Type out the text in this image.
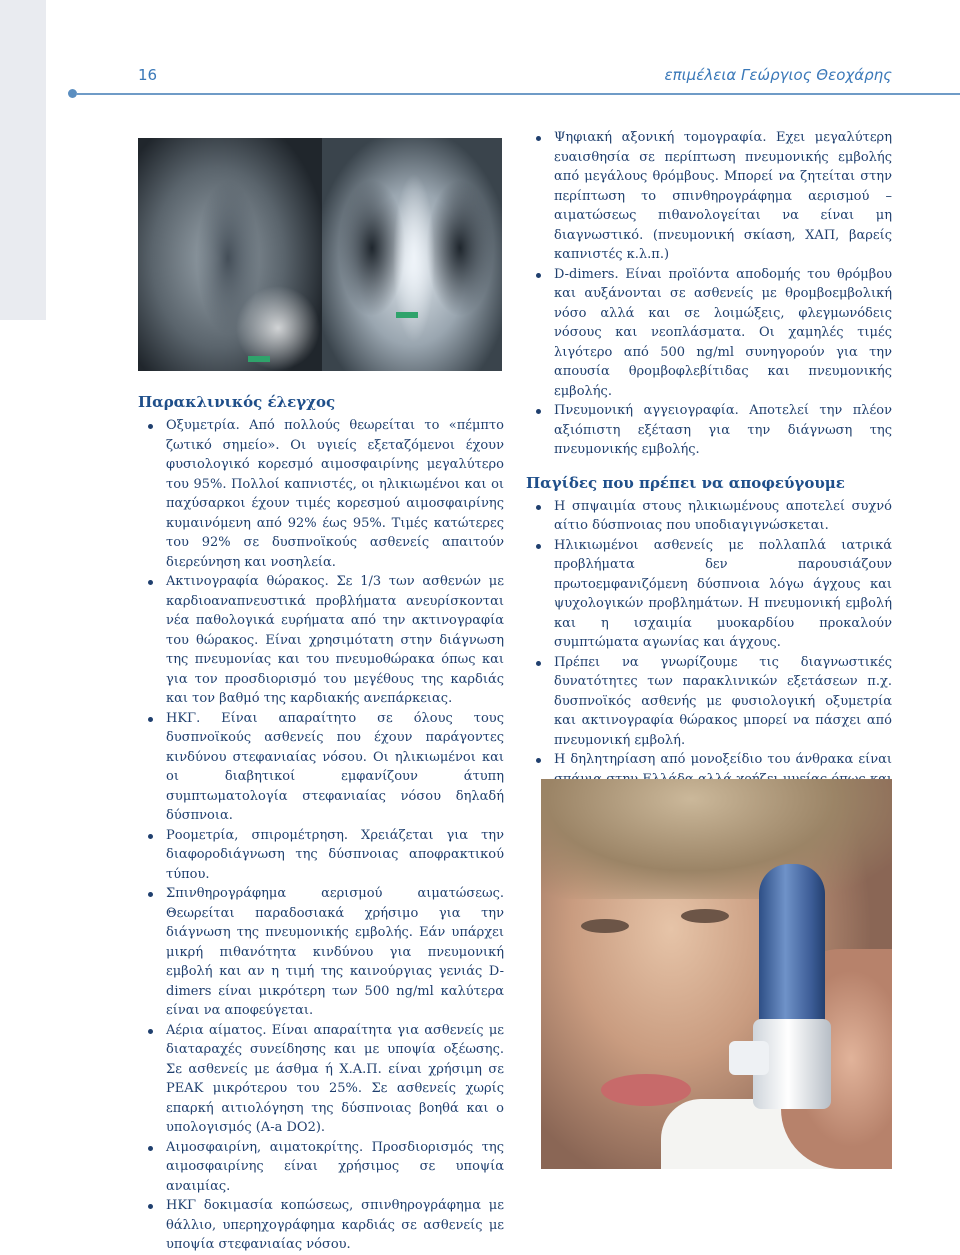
16	επιμέλεια Γεώργιος Θεοχάρης
Παρακλινικός έλεγχος
Οξυμετρία. Από πολλούς θεωρείται το «πέμπτο ζωτικό σημείο». Οι υγιείς εξεταζόμενοι έχουν φυσιολογικό κορεσμό αιμοσφαιρίνης μεγαλύτερο του 95%. Πολλοί καπνιστές, οι ηλικιωμένοι και οι παχύσαρκοι έχουν τιμές κορεσμού αιμοσφαιρίνης κυμαινόμενη από 92% έως 95%. Τιμές κατώτερες του 92% σε δυσπνοϊκούς ασθενείς απαιτούν διερεύνηση και νοσηλεία.
Ακτινογραφία θώρακος. Σε 1/3 των ασθενών με καρδιοαναπνευστικά προβλήματα ανευρίσκονται νέα παθολογικά ευρήματα από την ακτινογραφία του θώρακος. Είναι χρησιμότατη στην διάγνωση της πνευμονίας και του πνευμοθώρακα όπως και για τον προσδιορισμό του μεγέθους της καρδιάς και τον βαθμό της καρδιακής ανεπάρκειας.
ΗΚΓ. Είναι απαραίτητο σε όλους τους δυσπνοϊκούς ασθενείς που έχουν παράγοντες κινδύνου στεφανιαίας νόσου. Οι ηλικιωμένοι και οι διαβητικοί εμφανίζουν άτυπη συμπτωματολογία στεφανιαίας νόσου δηλαδή δύσπνοια.
Ροομετρία, σπιρομέτρηση. Χρειάζεται για την διαφοροδιάγνωση της δύσπνοιας αποφρακτικού τύπου.
Σπινθηρογράφημα αερισμού αιματώσεως. Θεωρείται παραδοσιακά χρήσιμο για την διάγνωση της πνευμονικής εμβολής. Εάν υπάρχει μικρή πιθανότητα κινδύνου για πνευμονική εμβολή και αν η τιμή της καινούργιας γενιάς D-dimers είναι μικρότερη των 500 ng/ml καλύτερα είναι να αποφεύγεται.
Αέρια αίματος. Είναι απαραίτητα για ασθενείς με διαταραχές συνείδησης και με υποψία οξέωσης. Σε ασθενείς με άσθμα ή Χ.Α.Π. είναι χρήσιμη σε PEAK μικρότερου του 25%. Σε ασθενείς χωρίς επαρκή αιτιολόγηση της δύσπνοιας βοηθά και ο υπολογισμός (A-a DO2).
Αιμοσφαιρίνη, αιματοκρίτης. Προσδιορισμός της αιμοσφαιρίνης είναι χρήσιμος σε υποψία αναιμίας.
ΗΚΓ δοκιμασία κοπώσεως, σπινθηρογράφημα με θάλλιο, υπερηχογράφημα καρδιάς σε ασθενείς με υποψία στεφανιαίας νόσου.
Ψηφιακή αξονική τομογραφία. Εχει μεγαλύτερη ευαισθησία σε περίπτωση πνευμονικής εμβολής από μεγάλους θρόμβους. Μπορεί να ζητείται στην περίπτωση το σπινθηρογράφημα αερισμού – αιματώσεως πιθανολογείται να είναι μη διαγνωστικό. (πνευμονική σκίαση, ΧΑΠ, βαρείς καπνιστές κ.λ.π.)
D-dimers. Είναι προϊόντα αποδομής του θρόμβου και αυξάνονται σε ασθενείς με θρομβοεμβολική νόσο αλλά και σε λοιμώξεις, φλεγμωνόδεις νόσους και νεοπλάσματα. Οι χαμηλές τιμές λιγότερο από 500 ng/ml συνηγορούν για την απουσία θρομβοφλεβίτιδας και πνευμονικής εμβολής.
Πνευμονική αγγειογραφία. Αποτελεί την πλέον αξιόπιστη εξέταση για την διάγνωση της πνευμονικής εμβολής.
Παγίδες που πρέπει να αποφεύγουμε
Η σπψαιμία στους ηλικιωμένους αποτελεί συχνό αίτιο δύσπνοιας που υποδιαγιγνώσκεται.
Ηλικιωμένοι ασθενείς με πολλαπλά ιατρικά προβλήματα δεν παρουσιάζουν πρωτοεμφανιζόμενη δύσπνοια λόγω άγχους και ψυχολογικών προβλημάτων. Η πνευμονική εμβολή και η ισχαιμία μυοκαρδίου προκαλούν συμπτώματα αγωνίας και άγχους.
Πρέπει να γνωρίζουμε τις διαγνωστικές δυνατότητες των παρακλινικών εξετάσεων π.χ. δυσπνοϊκός ασθενής με φυσιολογική οξυμετρία και ακτινογραφία θώρακος μπορεί να πάσχει από πνευμονική εμβολή.
Η δηλητηρίαση από μονοξείδιο του άνθρακα είναι
